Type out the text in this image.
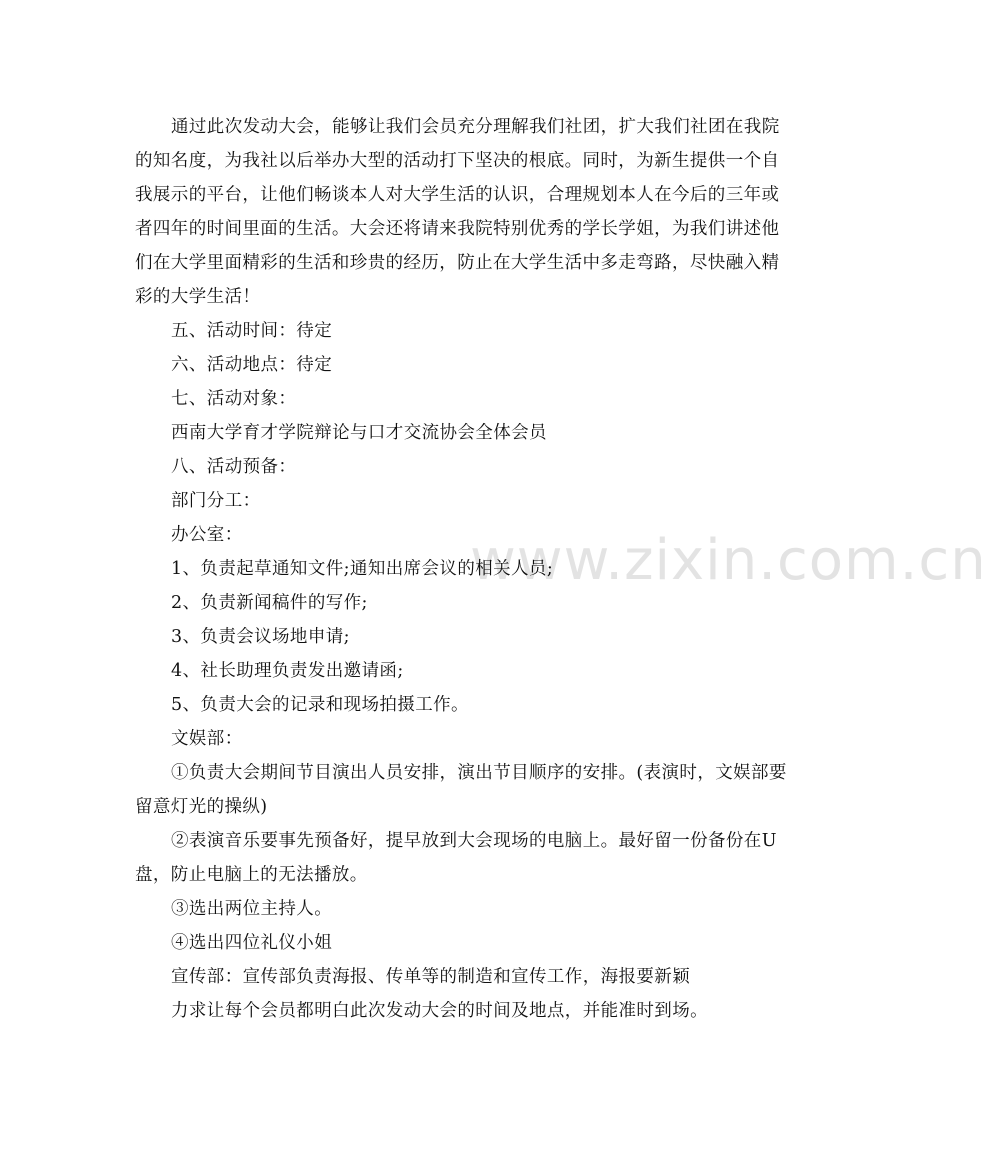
www.zixin.com.cn

通过此次发动大会，能够让我们会员充分理解我们社团，扩大我们社团在我院的知名度，为我社以后举办大型的活动打下坚决的根底。同时，为新生提供一个自我展示的平台，让他们畅谈本人对大学生活的认识，合理规划本人在今后的三年或者四年的时间里面的生活。大会还将请来我院特别优秀的学长学姐，为我们讲述他们在大学里面精彩的生活和珍贵的经历，防止在大学生活中多走弯路，尽快融入精彩的大学生活！

五、活动时间：待定

六、活动地点：待定

七、活动对象：

西南大学育才学院辩论与口才交流协会全体会员

八、活动预备：

部门分工：

办公室：

1、负责起草通知文件;通知出席会议的相关人员;

2、负责新闻稿件的写作;

3、负责会议场地申请;

4、社长助理负责发出邀请函;

5、负责大会的记录和现场拍摄工作。

文娱部：

①负责大会期间节目演出人员安排，演出节目顺序的安排。(表演时，文娱部要留意灯光的操纵)

②表演音乐要事先预备好，提早放到大会现场的电脑上。最好留一份备份在U盘，防止电脑上的无法播放。

③选出两位主持人。

④选出四位礼仪小姐

宣传部：宣传部负责海报、传单等的制造和宣传工作，海报要新颖

力求让每个会员都明白此次发动大会的时间及地点，并能准时到场。
